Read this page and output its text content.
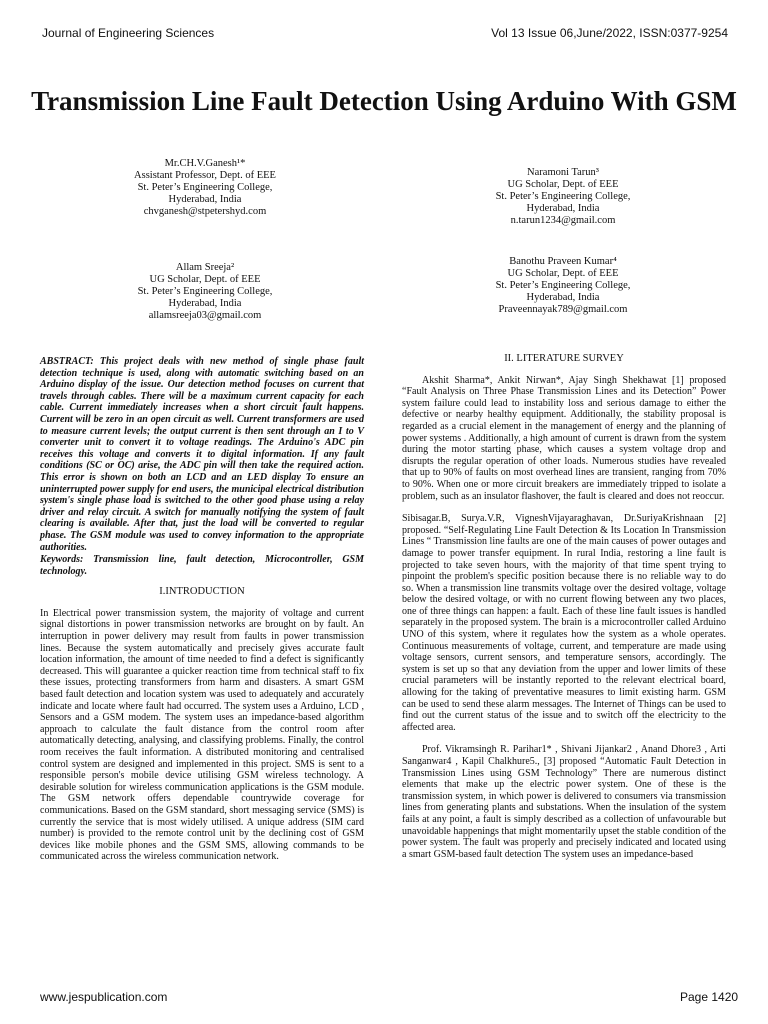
Journal of Engineering Sciences	Vol 13 Issue 06,June/2022, ISSN:0377-9254
Transmission Line Fault Detection Using Arduino With GSM
Mr.CH.V.Ganesh¹*
Assistant Professor, Dept. of EEE
St. Peter’s Engineering College,
Hyderabad, India
chvganesh@stpetershyd.com
Naramoni Tarun³
UG Scholar, Dept. of EEE
St. Peter’s Engineering College,
Hyderabad, India
n.tarun1234@gmail.com
Allam Sreeja²
UG Scholar, Dept. of EEE
St. Peter’s Engineering College,
Hyderabad, India
allamsreeja03@gmail.com
Banothu Praveen Kumar⁴
UG Scholar, Dept. of EEE
St. Peter’s Engineering College,
Hyderabad, India
Praveennayak789@gmail.com

ABSTRACT: This project deals with new method of single phase fault detection technique is used, along with automatic switching based on an Arduino display of the issue. Our detection method focuses on current that travels through cables. There will be a maximum current capacity for each cable. Current immediately increases when a short circuit fault happens. Current will be zero in an open circuit as well. Current transformers are used to measure current levels; the output current is then sent through an I to V converter unit to convert it to voltage readings. The Arduino's ADC pin receives this voltage and converts it to digital information. If any fault conditions (SC or OC) arise, the ADC pin will then take the required action. This error is shown on both an LCD and an LED display To ensure an uninterrupted power supply for end users, the municipal electrical distribution system's single phase load is switched to the other good phase using a relay driver and relay circuit. A switch for manually notifying the system of fault clearing is available. After that, just the load will be converted to regular phase. The GSM module was used to convey information to the appropriate authorities.

Keywords: Transmission line, fault detection, Microcontroller, GSM technology.

I.INTRODUCTION

In Electrical power transmission system, the majority of voltage and current signal distortions in power transmission networks are brought on by fault. An interruption in power delivery may result from faults in power transmission lines. Because the system automatically and precisely gives accurate fault location information, the amount of time needed to find a defect is significantly decreased. This will guarantee a quicker reaction time from technical staff to fix these issues, protecting transformers from harm and disasters. A smart GSM based fault detection and location system was used to adequately and accurately indicate and locate where fault had occurred. The system uses a Arduino, LCD , Sensors and a GSM modem. The system uses an impedance-based algorithm approach to calculate the fault distance from the control room after automatically detecting, analysing, and classifying problems. Finally, the control room receives the fault information. A distributed monitoring and centralised control system are designed and implemented in this project. SMS is sent to a responsible person's mobile device utilising GSM wireless technology. A desirable solution for wireless communication applications is the GSM module. The GSM network offers dependable countrywide coverage for communications. Based on the GSM standard, short messaging service (SMS) is currently the service that is most widely utilised. A unique address (SIM card number) is provided to the remote control unit by the declining cost of GSM devices like mobile phones and the GSM SMS, allowing commands to be communicated across the wireless communication network.

II. LITERATURE SURVEY

Akshit Sharma*, Ankit Nirwan*, Ajay Singh Shekhawat [1] proposed “Fault Analysis on Three Phase Transmission Lines and its Detection” Power system failure could lead to instability loss and serious damage to either the defective or nearby healthy equipment. Additionally, the stability proposal is regarded as a crucial element in the management of energy and the planning of power systems . Additionally, a high amount of current is drawn from the system during the motor starting phase, which causes a system voltage drop and disrupts the regular operation of other loads. Numerous studies have revealed that up to 90% of faults on most overhead lines are transient, ranging from 70% to 90%. When one or more circuit breakers are immediately tripped to isolate a problem, such as an insulator flashover, the fault is cleared and does not reoccur.

Sibisagar.B, Surya.V.R, VigneshVijayaraghavan, Dr.SuriyaKrishnaan [2] proposed. “Self-Regulating Line Fault Detection & Its Location In Transmission Lines “ Transmission line faults are one of the main causes of power outages and damage to power transfer equipment. In rural India, restoring a line fault is projected to take seven hours, with the majority of that time spent trying to pinpoint the problem's specific position because there is no reliable way to do so. When a transmission line transmits voltage over the desired voltage, voltage below the desired voltage, or with no current flowing between any two places, one of three things can happen: a fault. Each of these line fault issues is handled separately in the proposed system. The brain is a microcontroller called Arduino UNO of this system, where it regulates how the system as a whole operates. Continuous measurements of voltage, current, and temperature are made using voltage sensors, current sensors, and temperature sensors, accordingly. The system is set up so that any deviation from the upper and lower limits of these crucial parameters will be instantly reported to the relevant electrical board, allowing for the taking of preventative measures to limit existing harm. GSM can be used to send these alarm messages. The Internet of Things can be used to find out the current status of the issue and to switch off the electricity to the affected area.

Prof. Vikramsingh R. Parihar1* , Shivani Jijankar2 , Anand Dhore3 , Arti Sanganwar4 , Kapil Chalkhure5., [3] proposed “Automatic Fault Detection in Transmission Lines using GSM Technology” There are numerous distinct elements that make up the electric power system. One of these is the transmission system, in which power is delivered to consumers via transmission lines from generating plants and substations. When the insulation of the system fails at any point, a fault is simply described as a collection of unfavourable but unavoidable happenings that might momentarily upset the stable condition of the power system. The fault was properly and precisely indicated and located using a smart GSM-based fault detection The system uses an impedance-based

www.jespublication.com	Page 1420
